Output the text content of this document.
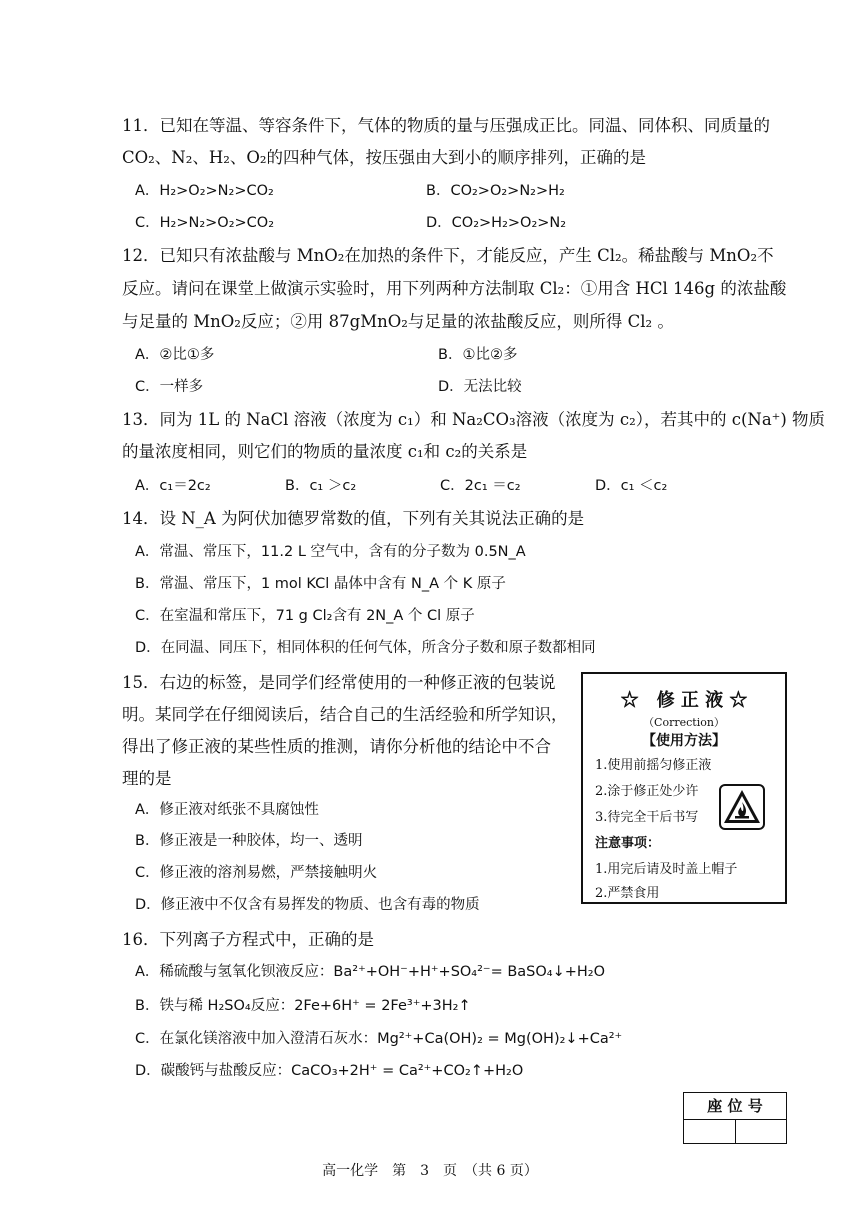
11．已知在等温、等容条件下，气体的物质的量与压强成正比。同温、同体积、同质量的
CO₂、N₂、H₂、O₂的四种气体，按压强由大到小的顺序排列，正确的是
A．H₂>O₂>N₂>CO₂	B．CO₂>O₂>N₂>H₂
C．H₂>N₂>O₂>CO₂	D．CO₂>H₂>O₂>N₂
12．已知只有浓盐酸与 MnO₂在加热的条件下，才能反应，产生 Cl₂。稀盐酸与 MnO₂不
反应。请问在课堂上做演示实验时，用下列两种方法制取 Cl₂：①用含 HCl 146g 的浓盐酸
与足量的 MnO₂反应；②用 87gMnO₂与足量的浓盐酸反应，则所得 Cl₂ 。
A．②比①多	B．①比②多
C．一样多	D．无法比较
13．同为 1L 的 NaCl 溶液（浓度为 c₁）和 Na₂CO₃溶液（浓度为 c₂），若其中的 c(Na⁺) 物质
的量浓度相同，则它们的物质的量浓度 c₁和 c₂的关系是
A．c₁＝2c₂	B．c₁ ＞c₂	C．2c₁ ＝c₂	D．c₁ ＜c₂
14．设 N_A 为阿伏加德罗常数的值，下列有关其说法正确的是
A．常温、常压下，11.2 L 空气中，含有的分子数为 0.5N_A
B．常温、常压下，1 mol KCl 晶体中含有 N_A 个 K 原子
C．在室温和常压下，71 g Cl₂含有 2N_A 个 Cl 原子
D．在同温、同压下，相同体积的任何气体，所含分子数和原子数都相同
15．右边的标签，是同学们经常使用的一种修正液的包装说
明。某同学在仔细阅读后，结合自己的生活经验和所学知识，
得出了修正液的某些性质的推测，请你分析他的结论中不合
理的是
A．修正液对纸张不具腐蚀性
B．修正液是一种胶体，均一、透明
C．修正液的溶剂易燃，严禁接触明火
D．修正液中不仅含有易挥发的物质、也含有毒的物质
☆　修 正 液 ☆
（Correction）
【使用方法】
1.使用前摇匀修正液
2.涂于修正处少许
3.待完全干后书写
注意事项：
1.用完后请及时盖上帽子
2.严禁食用
16．下列离子方程式中，正确的是
A．稀硫酸与氢氧化钡液反应：Ba²⁺+OH⁻+H⁺+SO₄²⁻= BaSO₄↓+H₂O
B．铁与稀 H₂SO₄反应：2Fe+6H⁺ = 2Fe³⁺+3H₂↑
C．在氯化镁溶液中加入澄清石灰水：Mg²⁺+Ca(OH)₂ = Mg(OH)₂↓+Ca²⁺
D．碳酸钙与盐酸反应：CaCO₃+2H⁺ = Ca²⁺+CO₂↑+H₂O
座 位 号
高一化学　第　3　页　（共 6 页）
